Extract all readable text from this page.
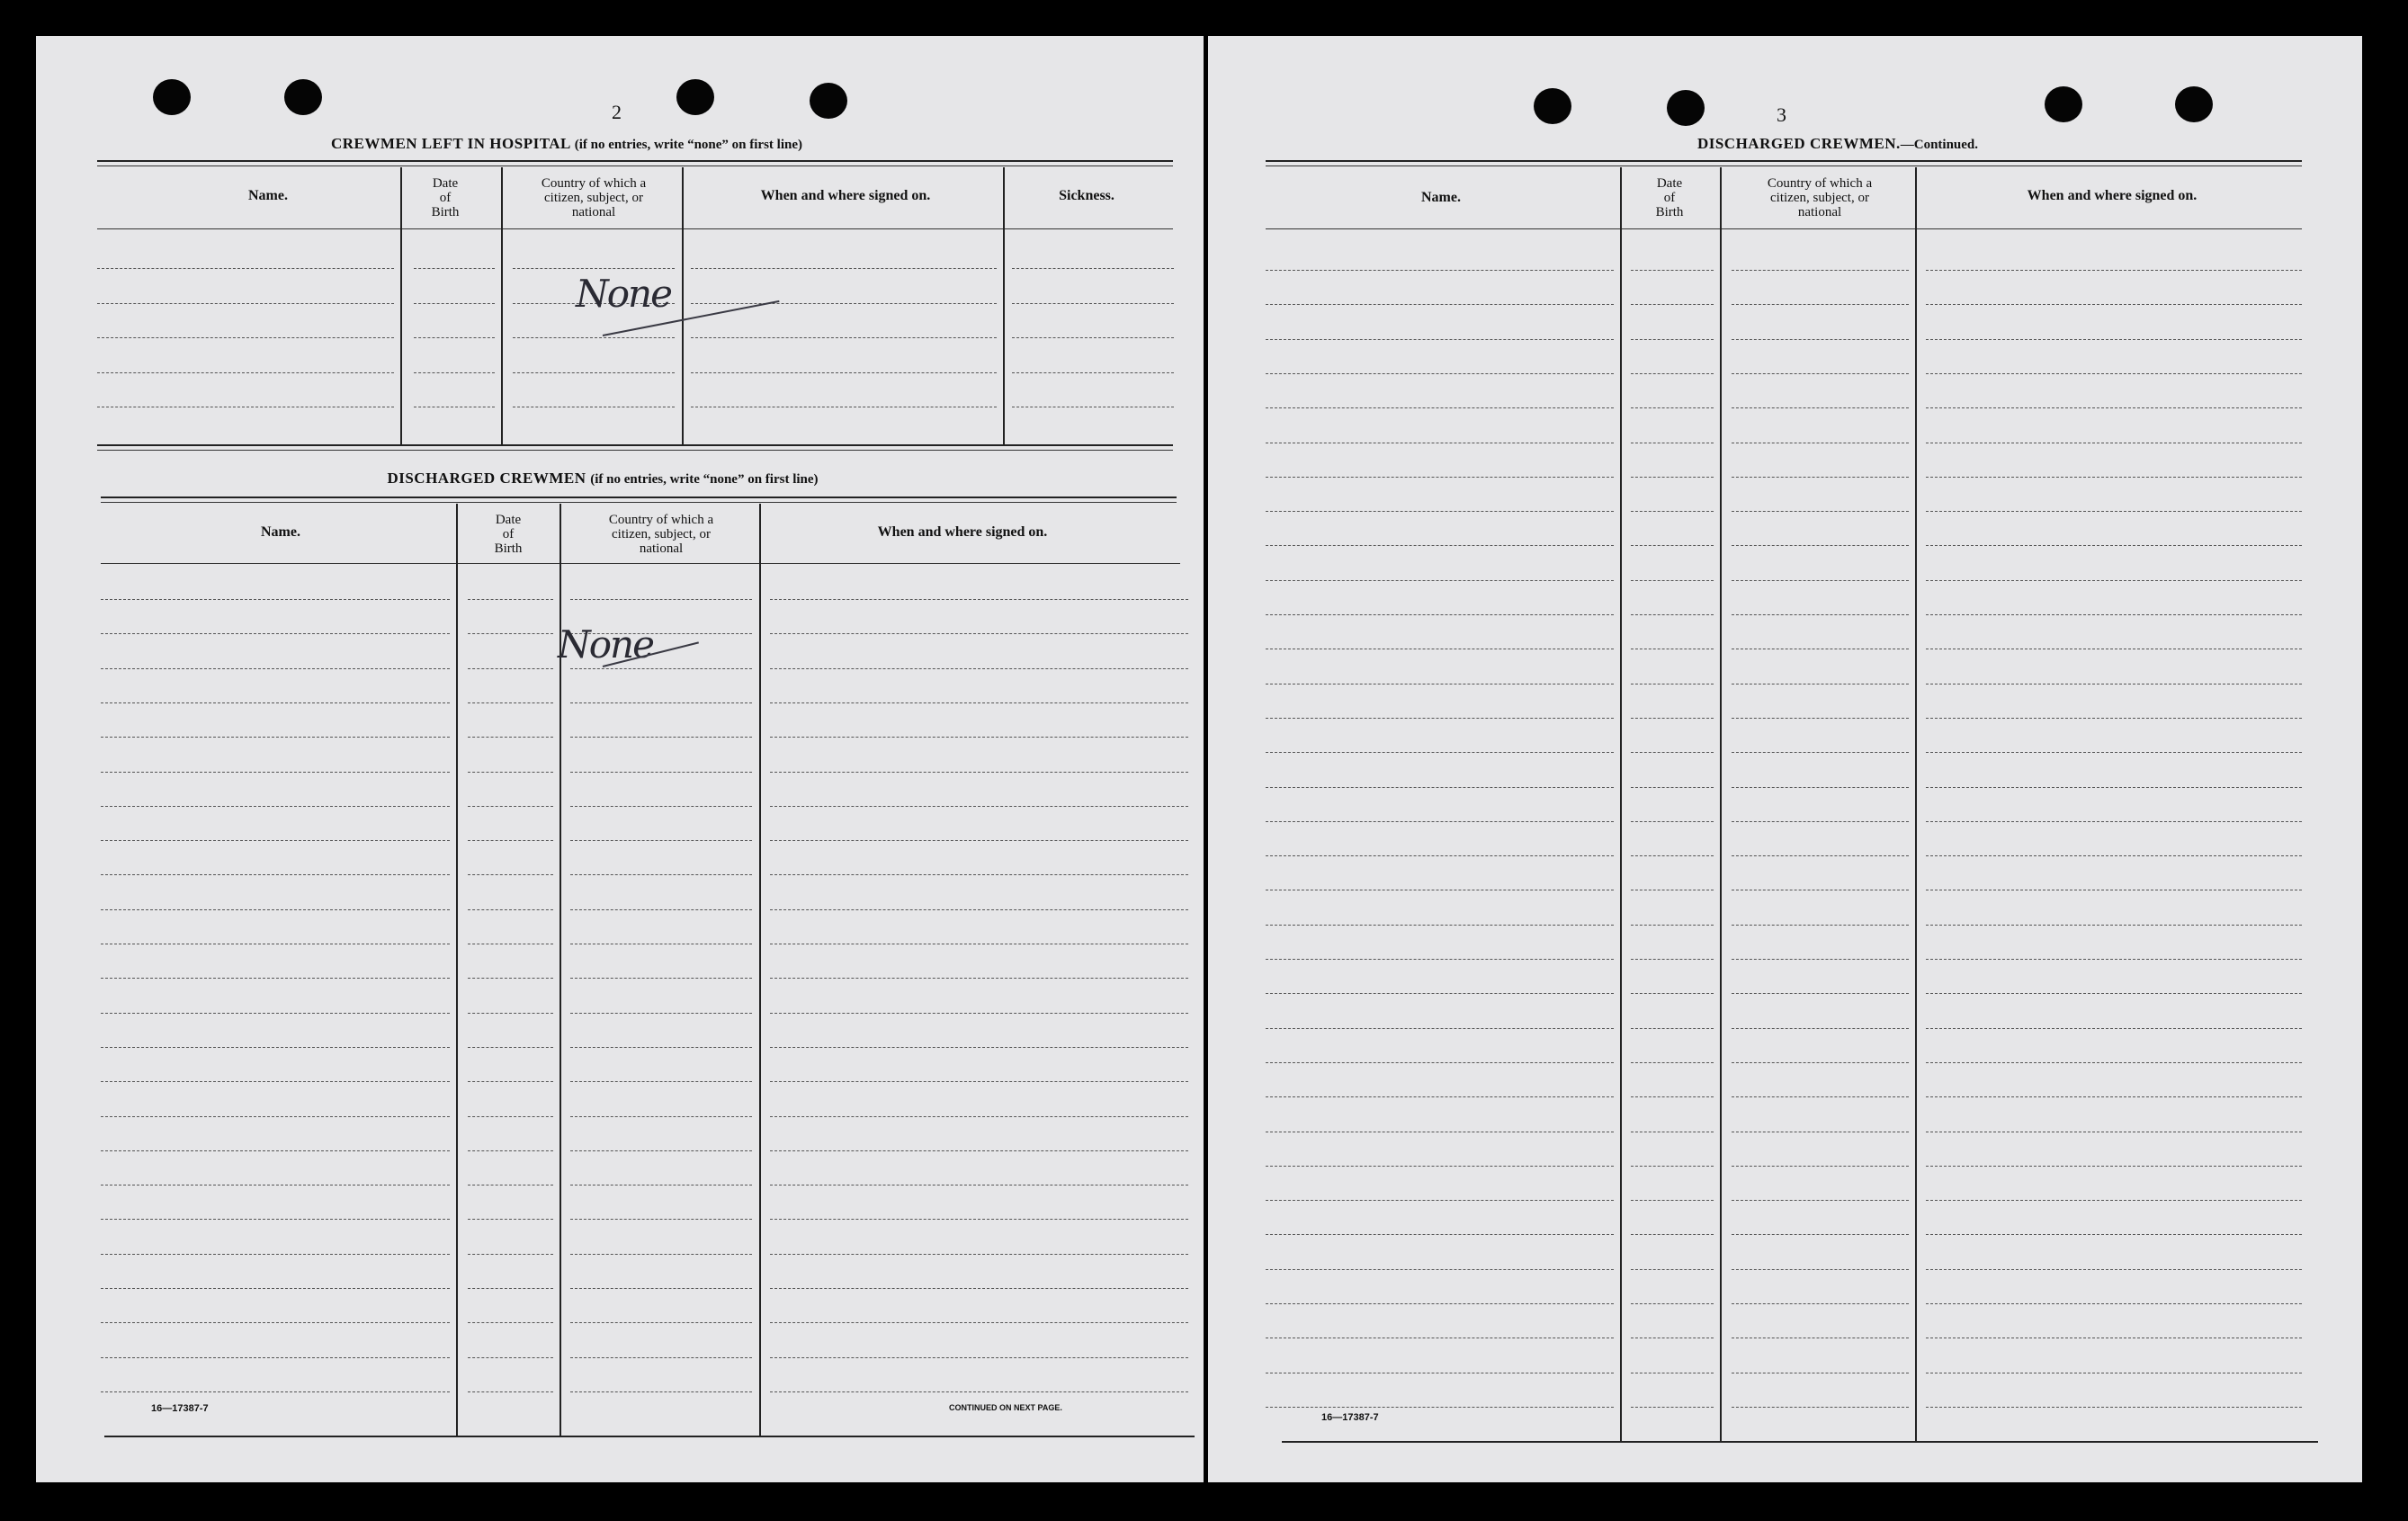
2
CREWMEN LEFT IN HOSPITAL (if no entries, write “none” on first line)
Name.
Date
of
Birth
Country of which a
citizen, subject, or
national
When and where signed on.	Sickness.
None
DISCHARGED CREWMEN (if no entries, write “none” on first line)
Name.
Date
of
Birth
Country of which a
citizen, subject, or
national
When and where signed on.
None
16—17387-7	CONTINUED ON NEXT PAGE.
3
DISCHARGED CREWMEN.—Continued.
Name.
Date
of
Birth
Country of which a
citizen, subject, or
national
When and where signed on.
16—17387-7
